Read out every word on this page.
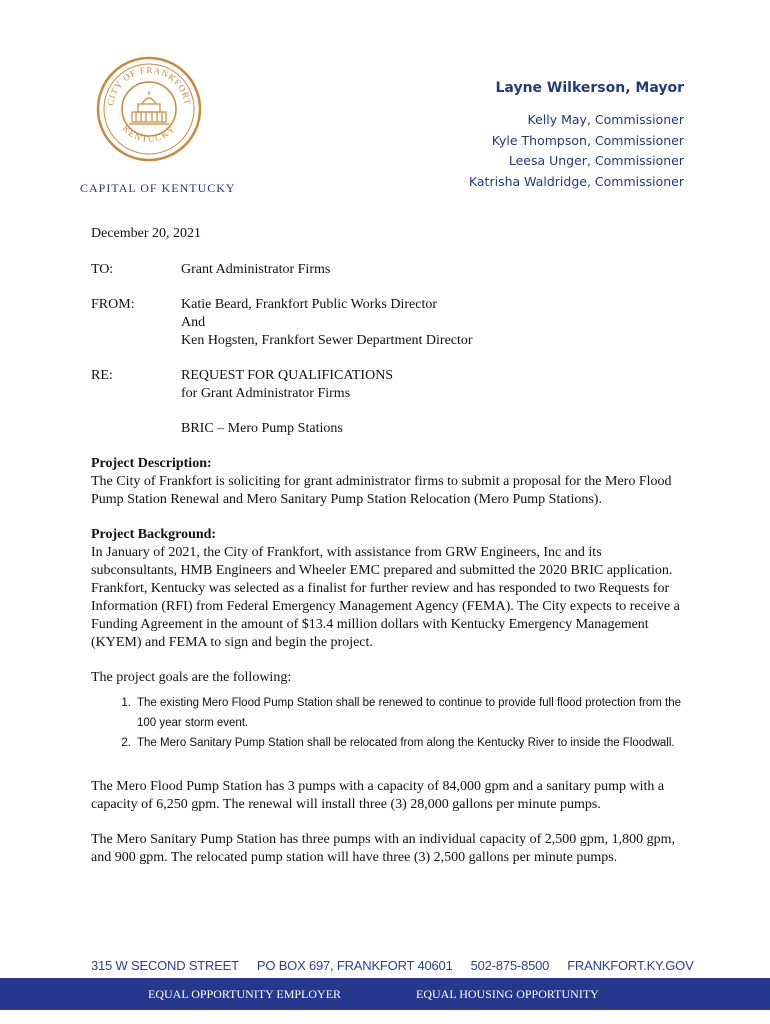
CITY OF FRANKFORT
KENTUCKY
CAPITAL OF KENTUCKY
Layne Wilkerson, Mayor
Kelly May, Commissioner
Kyle Thompson, Commissioner
Leesa Unger, Commissioner
Katrisha Waldridge, Commissioner
December 20, 2021
TO:	Grant Administrator Firms
FROM:	Katie Beard, Frankfort Public Works Director
And
Ken Hogsten, Frankfort Sewer Department Director
RE:	REQUEST FOR QUALIFICATIONS
for Grant Administrator Firms
BRIC – Mero Pump Stations
Project Description:

The City of Frankfort is soliciting for grant administrator firms to submit a proposal for the Mero Flood Pump Station Renewal and Mero Sanitary Pump Station Relocation (Mero Pump Stations).

Project Background:

In January of 2021, the City of Frankfort, with assistance from GRW Engineers, Inc and its subconsultants, HMB Engineers and Wheeler EMC prepared and submitted the 2020 BRIC application. Frankfort, Kentucky was selected as a finalist for further review and has responded to two Requests for Information (RFI) from Federal Emergency Management Agency (FEMA). The City expects to receive a Funding Agreement in the amount of $13.4 million dollars with Kentucky Emergency Management (KYEM) and FEMA to sign and begin the project.

The project goals are the following:
1. The existing Mero Flood Pump Station shall be renewed to continue to provide full flood protection from the 100 year storm event.
2. The Mero Sanitary Pump Station shall be relocated from along the Kentucky River to inside the Floodwall.

The Mero Flood Pump Station has 3 pumps with a capacity of 84,000 gpm and a sanitary pump with a capacity of 6,250 gpm. The renewal will install three (3) 28,000 gallons per minute pumps.

The Mero Sanitary Pump Station has three pumps with an individual capacity of 2,500 gpm, 1,800 gpm, and 900 gpm. The relocated pump station will have three (3) 2,500 gallons per minute pumps.

315 W SECOND STREET PO BOX 697, FRANKFORT 40601 502-875-8500 FRANKFORT.KY.GOV
EQUAL OPPORTUNITY EMPLOYER	EQUAL HOUSING OPPORTUNITY
